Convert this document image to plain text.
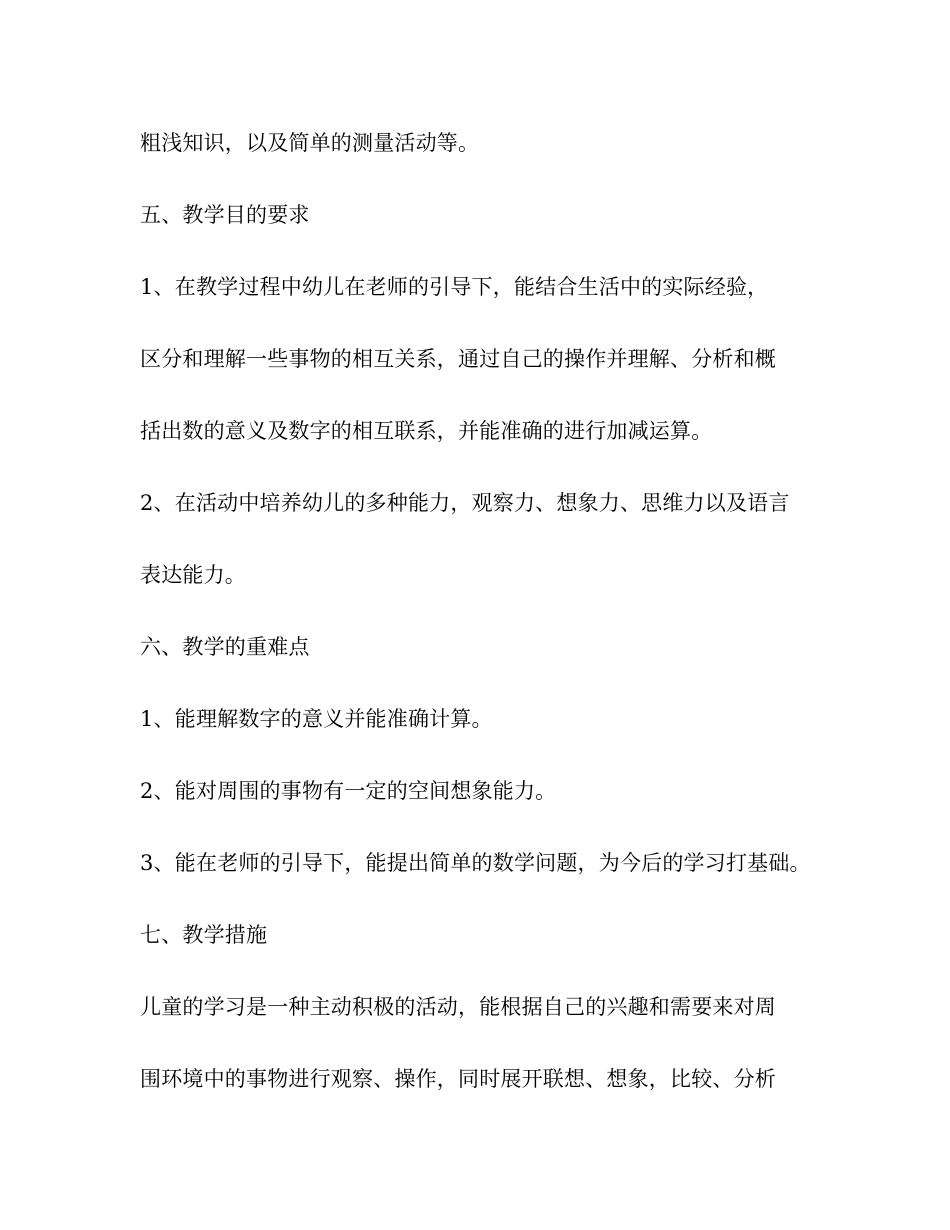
粗浅知识，以及简单的测量活动等。

五、教学目的要求

1、在教学过程中幼儿在老师的引导下，能结合生活中的实际经验，

区分和理解一些事物的相互关系，通过自己的操作并理解、分析和概

括出数的意义及数字的相互联系，并能准确的进行加减运算。

2、在活动中培养幼儿的多种能力，观察力、想象力、思维力以及语言

表达能力。

六、教学的重难点

1、能理解数字的意义并能准确计算。

2、能对周围的事物有一定的空间想象能力。

3、能在老师的引导下，能提出简单的数学问题，为今后的学习打基础。

七、教学措施

儿童的学习是一种主动积极的活动，能根据自己的兴趣和需要来对周

围环境中的事物进行观察、操作，同时展开联想、想象，比较、分析
